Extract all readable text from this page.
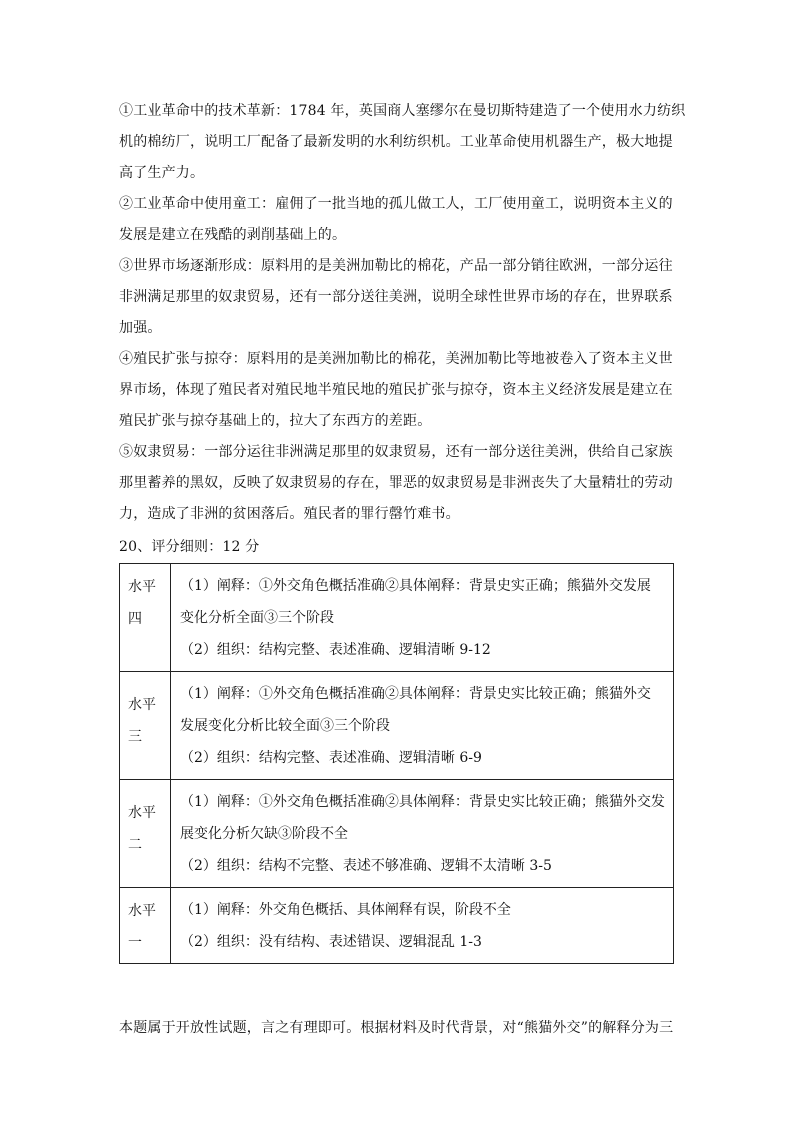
①工业革命中的技术革新：1784 年，英国商人塞缪尔在曼切斯特建造了一个使用水力纺织
机的棉纺厂，说明工厂配备了最新发明的水利纺织机。工业革命使用机器生产，极大地提
高了生产力。
②工业革命中使用童工：雇佣了一批当地的孤儿做工人，工厂使用童工，说明资本主义的
发展是建立在残酷的剥削基础上的。
③世界市场逐渐形成：原料用的是美洲加勒比的棉花，产品一部分销往欧洲，一部分运往
非洲满足那里的奴隶贸易，还有一部分送往美洲，说明全球性世界市场的存在，世界联系
加强。
④殖民扩张与掠夺：原料用的是美洲加勒比的棉花，美洲加勒比等地被卷入了资本主义世
界市场，体现了殖民者对殖民地半殖民地的殖民扩张与掠夺，资本主义经济发展是建立在
殖民扩张与掠夺基础上的，拉大了东西方的差距。
⑤奴隶贸易：一部分运往非洲满足那里的奴隶贸易，还有一部分送往美洲，供给自己家族
那里蓄养的黑奴，反映了奴隶贸易的存在，罪恶的奴隶贸易是非洲丧失了大量精壮的劳动
力，造成了非洲的贫困落后。殖民者的罪行罄竹难书。
20、评分细则：12 分
水平
四	（1）阐释：①外交角色概括准确②具体阐释：背景史实正确；熊猫外交发展
变化分析全面③三个阶段
（2）组织：结构完整、表述准确、逻辑清晰 9-12

水平
三	（1）阐释：①外交角色概括准确②具体阐释：背景史实比较正确；熊猫外交
发展变化分析比较全面③三个阶段
（2）组织：结构完整、表述准确、逻辑清晰 6-9

水平
二	（1）阐释：①外交角色概括准确②具体阐释：背景史实比较正确；熊猫外交发
展变化分析欠缺③阶段不全
（2）组织：结构不完整、表述不够准确、逻辑不太清晰 3-5

水平
一	（1）阐释：外交角色概括、具体阐释有误，阶段不全
（2）组织：没有结构、表述错误、逻辑混乱 1-3
本题属于开放性试题，言之有理即可。根据材料及时代背景，对“熊猫外交”的解释分为三
